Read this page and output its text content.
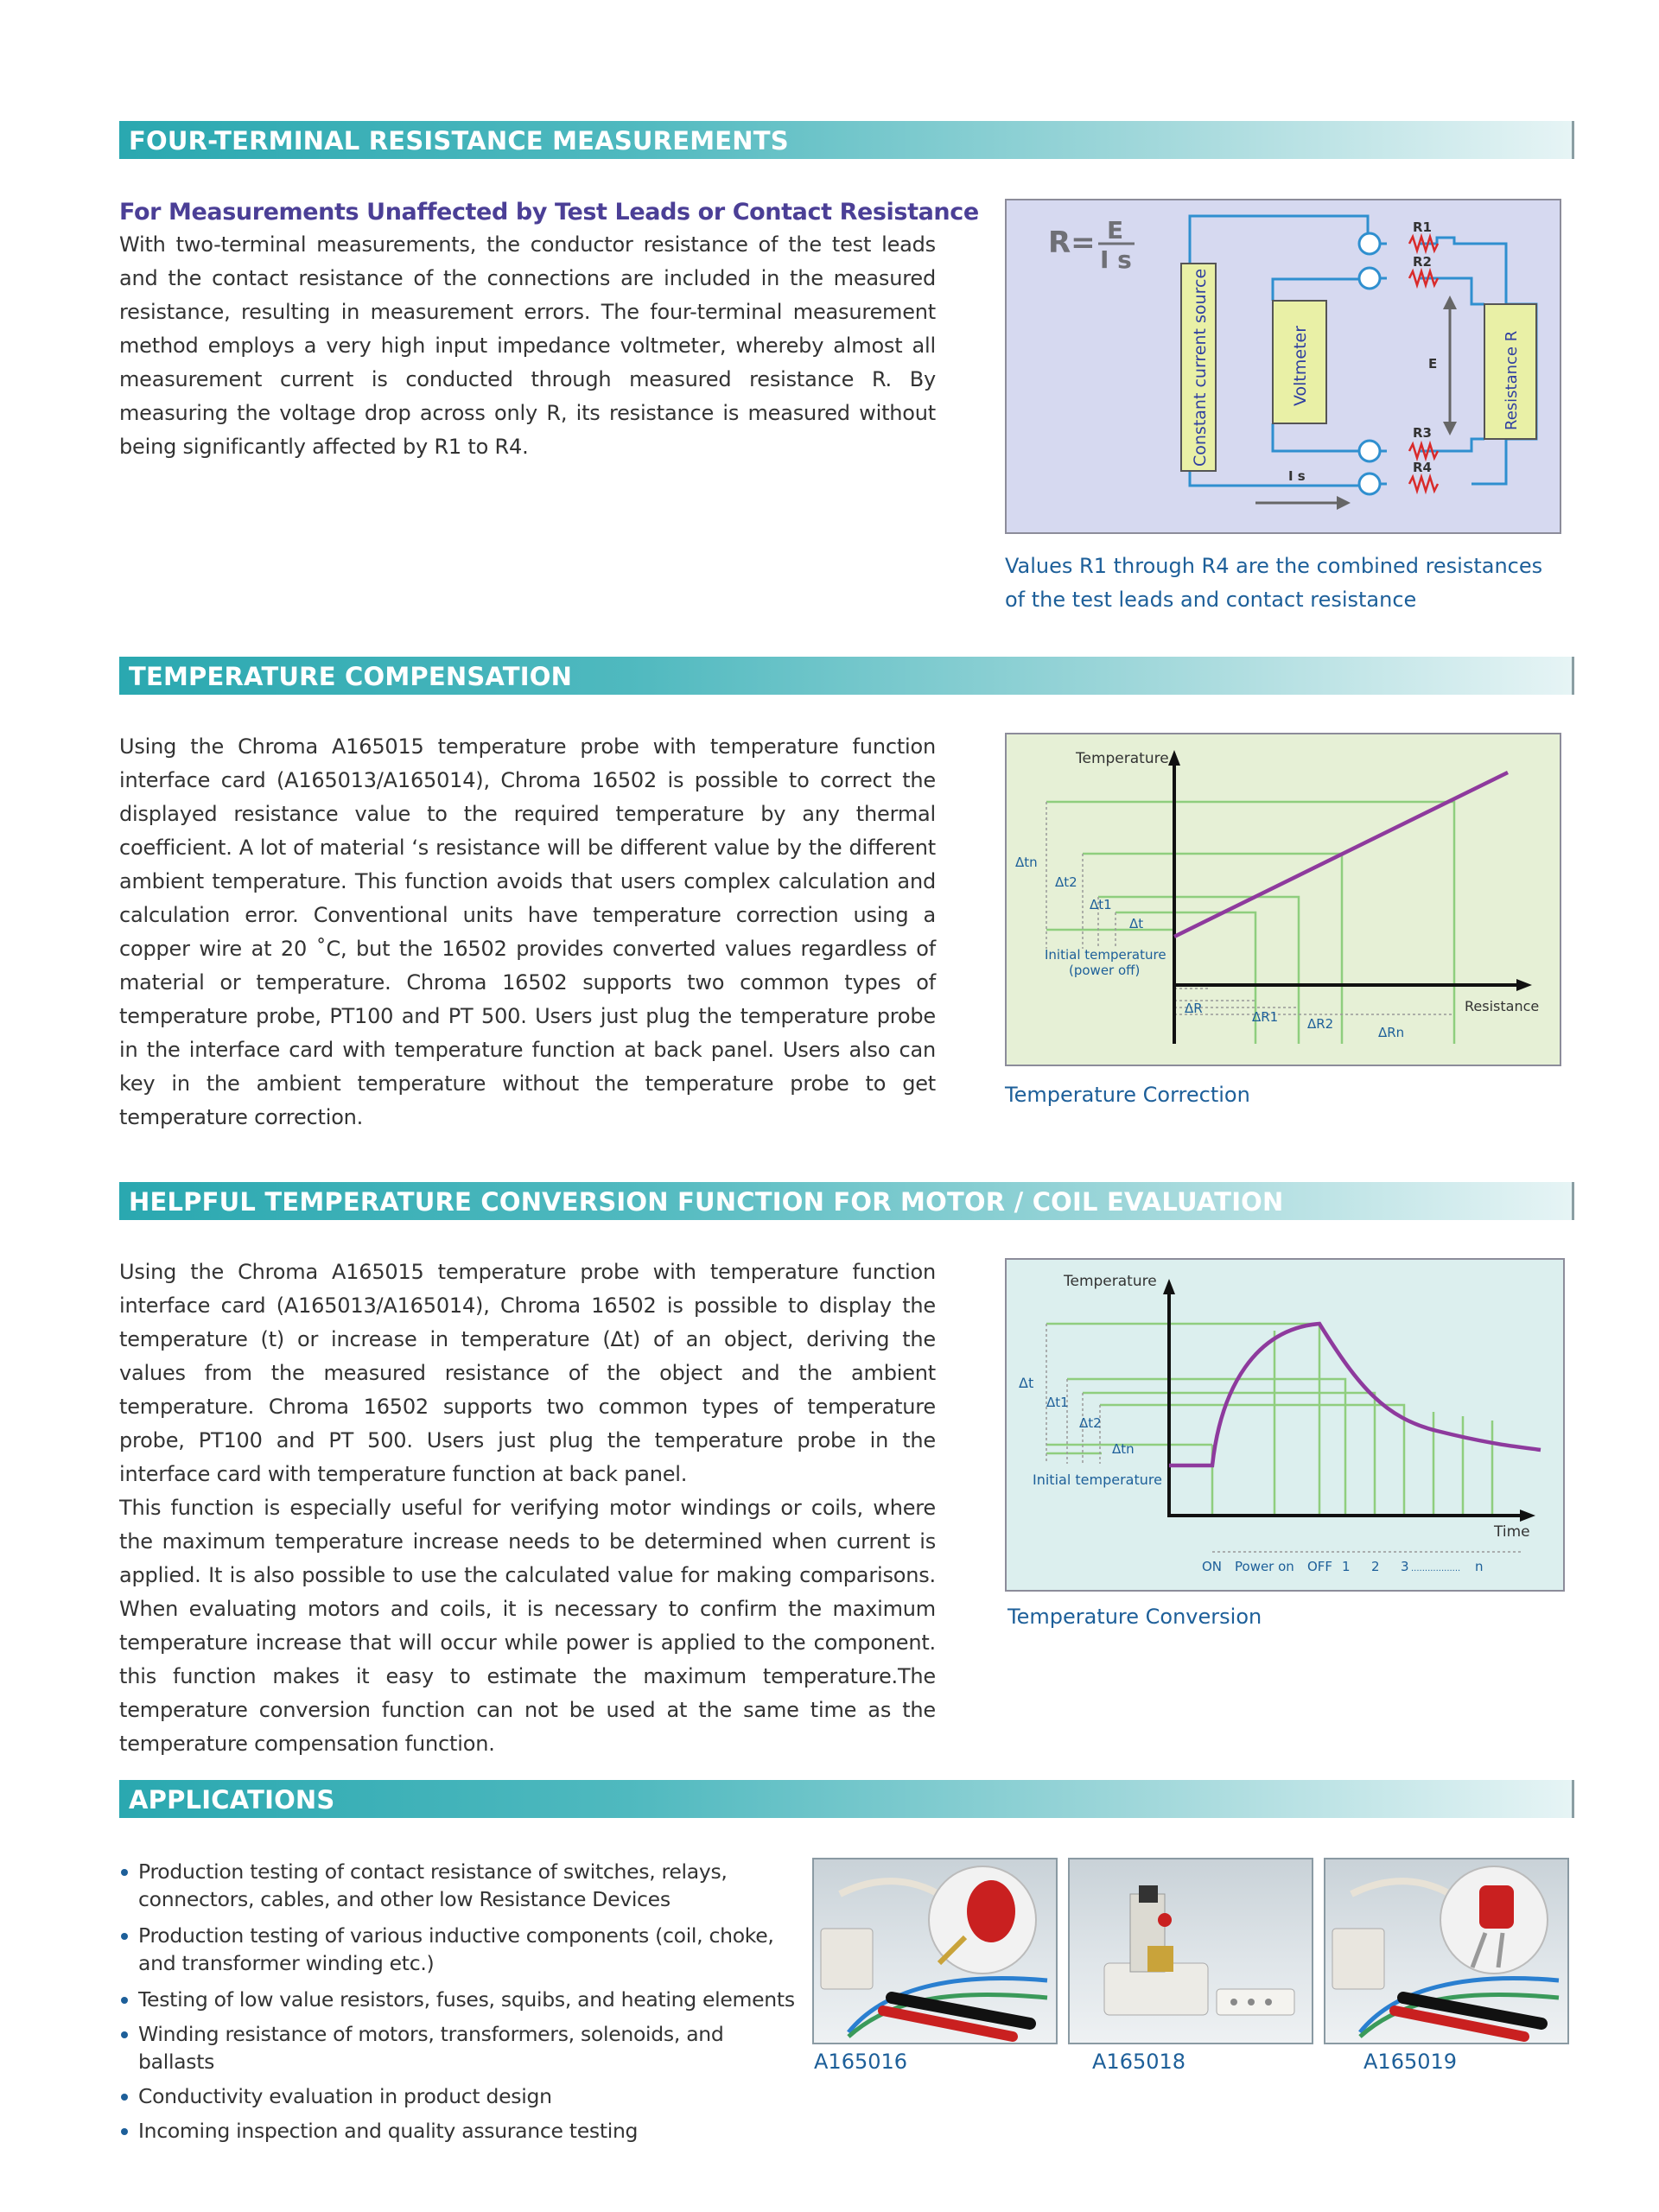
FOUR-TERMINAL RESISTANCE MEASUREMENTS
For Measurements Unaffected by Test Leads or Contact Resistance
With two-terminal measurements, the conductor resistance of the test leads and the contact resistance of the connections are included in the measured resistance, resulting in measurement errors. The four-terminal measurement method employs a very high input impedance voltmeter, whereby almost all measurement current is conducted through measured resistance R. By measuring the voltage drop across only R, its resistance is measured without being significantly affected by R1 to R4.
R= E
I s
R1
R2
R3
R4
Constant current source	Voltmeter	Resistance R
E
I s
Values R1 through R4 are the combined resistances of the test leads and contact resistance
TEMPERATURE COMPENSATION
Using the Chroma A165015 temperature probe with temperature function interface card (A165013/A165014), Chroma 16502 is possible to correct the displayed resistance value to the required temperature by any thermal coefficient. A lot of material ‘s resistance will be different value by the different ambient temperature. This function avoids that users complex calculation and calculation error. Conventional units have temperature correction using a copper wire at 20 ˚C, but the 16502 provides converted values regardless of material or temperature. Chroma 16502 supports two common types of temperature probe, PT100 and PT 500. Users just plug the temperature probe in the interface card with temperature function at back panel. Users also can key in the ambient temperature without the temperature probe to get temperature correction.
Temperature
Resistance
Initial temperature
(power off)
Δtn
Δt2
Δt1
Δt
ΔR
ΔR1 ΔR2
ΔRn
Temperature Correction
HELPFUL TEMPERATURE CONVERSION FUNCTION FOR MOTOR / COIL EVALUATION
Using the Chroma A165015 temperature probe with temperature function interface card (A165013/A165014), Chroma 16502 is possible to display the temperature (t) or increase in temperature (Δt) of an object, deriving the values from the measured resistance of the object and the ambient temperature. Chroma 16502 supports two common types of temperature probe, PT100 and PT 500. Users just plug the temperature probe in the interface card with temperature function at back panel.
This function is especially useful for verifying motor windings or coils, where the maximum temperature increase needs to be determined when current is applied. It is also possible to use the calculated value for making comparisons. When evaluating motors and coils, it is necessary to confirm the maximum temperature increase that will occur while power is applied to the component. this function makes it easy to estimate the maximum temperature.The temperature conversion function can not be used at the same time as the temperature compensation function.
Temperature
Time
Initial temperature
Δt
Δt1
Δt2
Δtn
ON Power on OFF 1 2 3 .................. n
Temperature Conversion
APPLICATIONS
Production testing of contact resistance of switches, relays,
connectors, cables, and other low Resistance Devices
Production testing of various inductive components (coil, choke,
and transformer winding etc.)
Testing of low value resistors, fuses, squibs, and heating elements
Winding resistance of motors, transformers, solenoids, and ballasts
Conductivity evaluation in product design
Incoming inspection and quality assurance testing
A165016	A165018	A165019
